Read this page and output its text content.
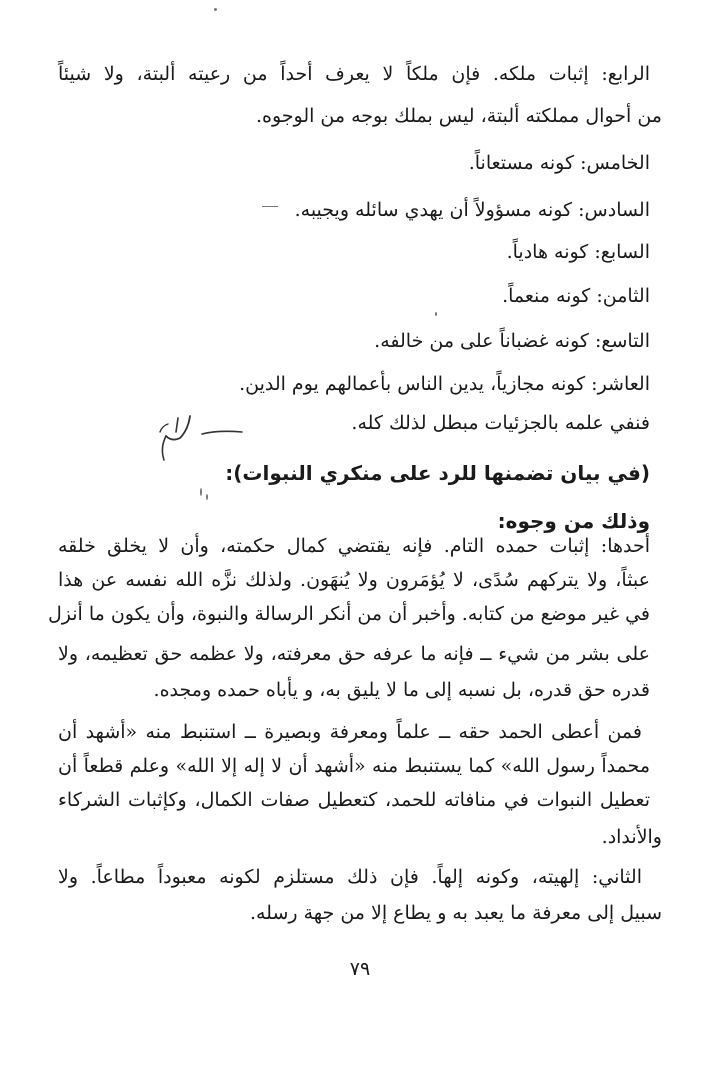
الرابع: إثبات ملكه. فإن ملكاً لا يعرف أحداً من رعيته ألبتة، ولا شيئاً
من أحوال مملكته ألبتة، ليس بملك بوجه من الوجوه.
الخامس: كونه مستعاناً.
السادس: كونه مسؤولاً أن يهدي سائله ويجيبه.
السابع: كونه هادياً.
الثامن: كونه منعماً.
التاسع: كونه غضباناً على من خالفه.
العاشر: كونه مجازياً، يدين الناس بأعمالهم يوم الدين.
فنفي علمه بالجزئيات مبطل لذلك كله.
(في بيان تضمنها للرد على منكري النبوات):
وذلك من وجوه:
أحدها: إثبات حمده التام. فإنه يقتضي كمال حكمته، وأن لا يخلق خلقه
عبثاً، ولا يتركهم سُدًى، لا يُؤمَرون ولا يُنهَون. ولذلك نزَّه الله نفسه عن هذا
في غير موضع من كتابه. وأخبر أن من أنكر الرسالة والنبوة، وأن يكون ما أنزل
على بشر من شيء ــ فإنه ما عرفه حق معرفته، ولا عظمه حق تعظيمه، ولا
قدره حق قدره، بل نسبه إلى ما لا يليق به، و يأباه حمده ومجده.
فمن أعطى الحمد حقه ــ علماً ومعرفة وبصيرة ــ استنبط منه «أشهد أن
محمداً رسول الله» كما يستنبط منه «أشهد أن لا إله إلا الله» وعلم قطعاً أن
تعطيل النبوات في منافاته للحمد، كتعطيل صفات الكمال، وكإثبات الشركاء
والأنداد.
الثاني: إلهيته، وكونه إلهاً. فإن ذلك مستلزم لكونه معبوداً مطاعاً. ولا
سبيل إلى معرفة ما يعبد به و يطاع إلا من جهة رسله.
٧٩
